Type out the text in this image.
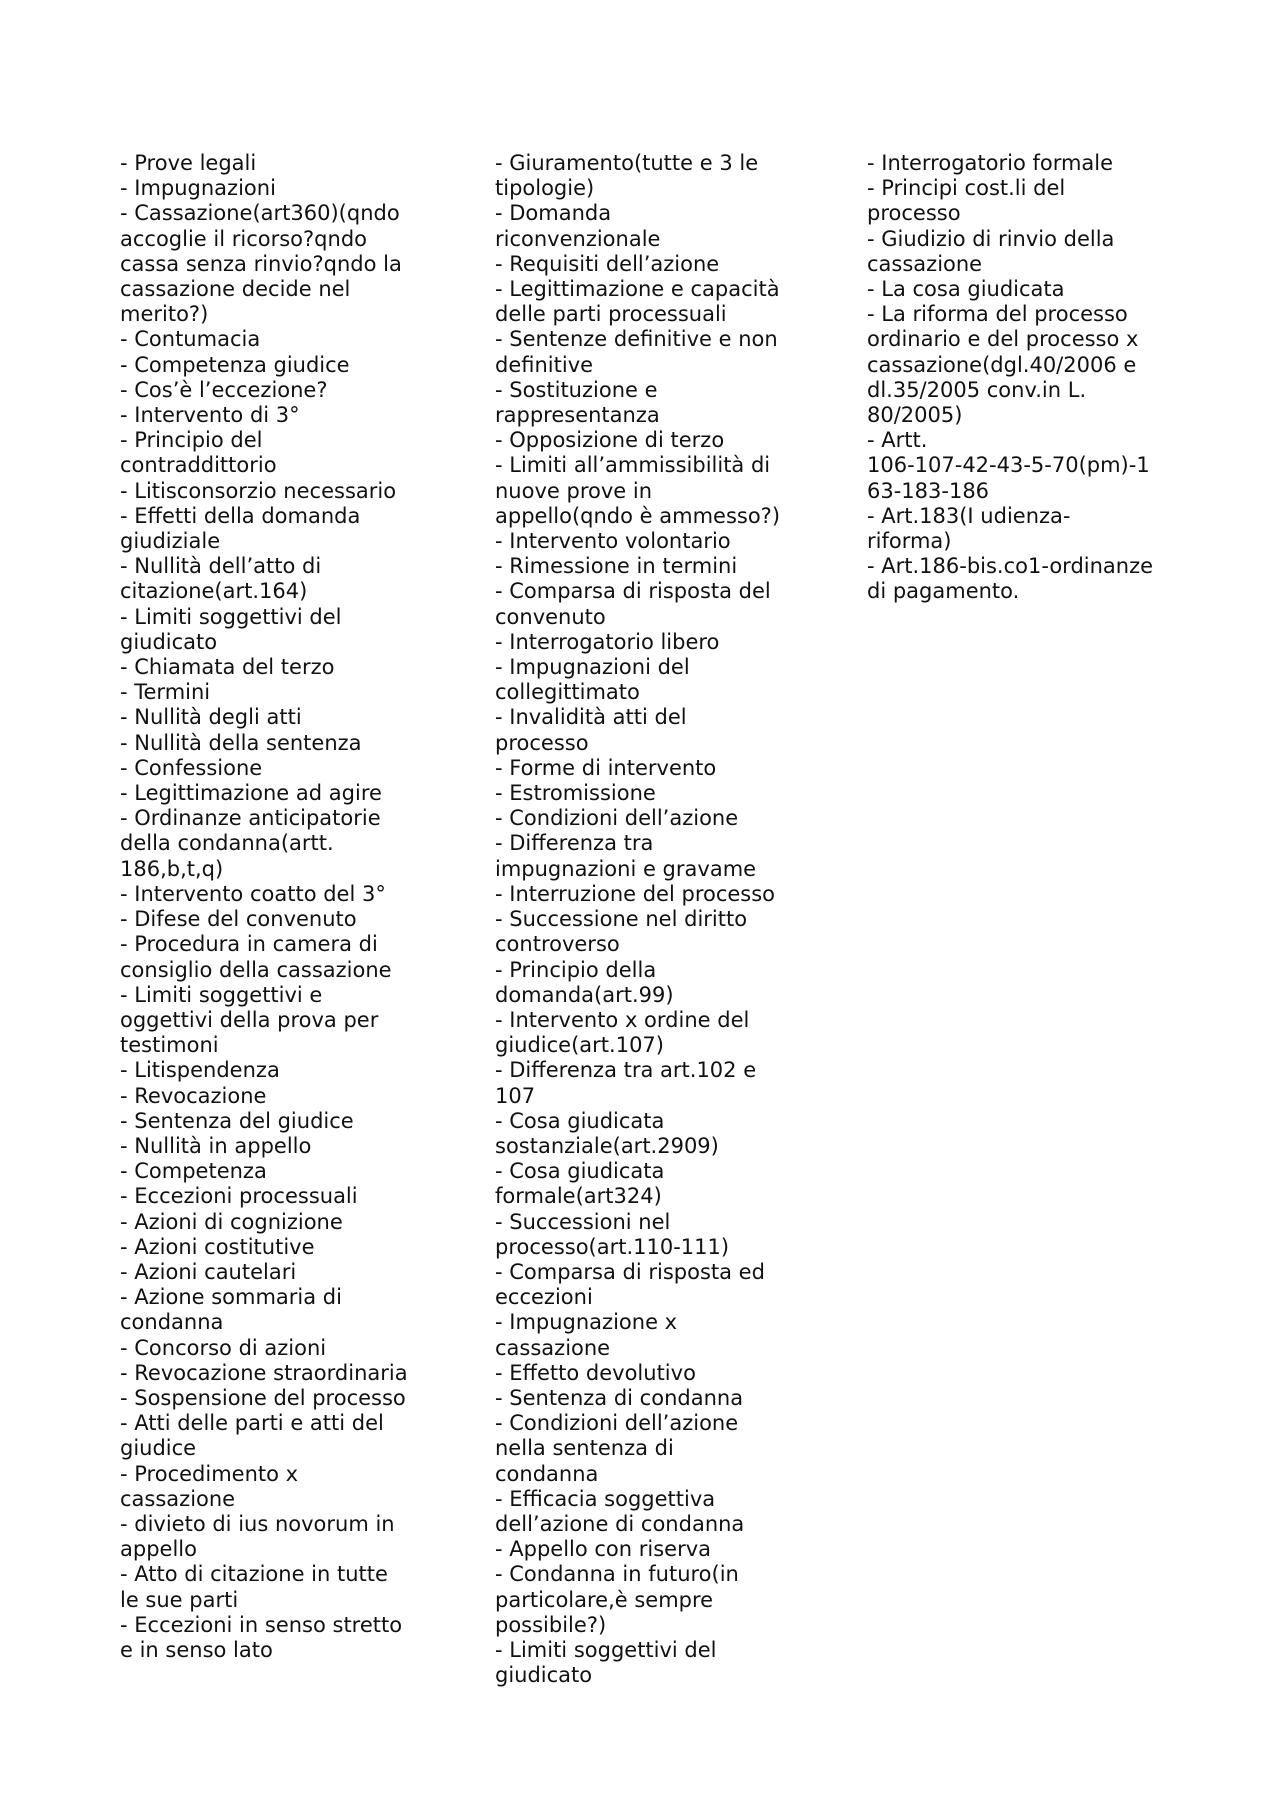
- Prove legali
- Impugnazioni
- Cassazione(art360)(qndo
accoglie il ricorso?qndo
cassa senza rinvio?qndo la
cassazione decide nel
merito?)
- Contumacia
- Competenza giudice
- Cos’è l’eccezione?
- Intervento di 3°
- Principio del
contraddittorio
- Litisconsorzio necessario
- Effetti della domanda
giudiziale
- Nullità dell’atto di
citazione(art.164)
- Limiti soggettivi del
giudicato
- Chiamata del terzo
- Termini
- Nullità degli atti
- Nullità della sentenza
- Confessione
- Legittimazione ad agire
- Ordinanze anticipatorie
della condanna(artt.
186,b,t,q)
- Intervento coatto del 3°
- Difese del convenuto
- Procedura in camera di
consiglio della cassazione
- Limiti soggettivi e
oggettivi della prova per
testimoni
- Litispendenza
- Revocazione
- Sentenza del giudice
- Nullità in appello
- Competenza
- Eccezioni processuali
- Azioni di cognizione
- Azioni costitutive
- Azioni cautelari
- Azione sommaria di
condanna
- Concorso di azioni
- Revocazione straordinaria
- Sospensione del processo
- Atti delle parti e atti del
giudice
- Procedimento x
cassazione
- divieto di ius novorum in
appello
- Atto di citazione in tutte
le sue parti
- Eccezioni in senso stretto
e in senso lato
- Giuramento(tutte e 3 le
tipologie)
- Domanda
riconvenzionale
- Requisiti dell’azione
- Legittimazione e capacità
delle parti processuali
- Sentenze definitive e non
definitive
- Sostituzione e
rappresentanza
- Opposizione di terzo
- Limiti all’ammissibilità di
nuove prove in
appello(qndo è ammesso?)
- Intervento volontario
- Rimessione in termini
- Comparsa di risposta del
convenuto
- Interrogatorio libero
- Impugnazioni del
collegittimato
- Invalidità atti del
processo
- Forme di intervento
- Estromissione
- Condizioni dell’azione
- Differenza tra
impugnazioni e gravame
- Interruzione del processo
- Successione nel diritto
controverso
- Principio della
domanda(art.99)
- Intervento x ordine del
giudice(art.107)
- Differenza tra art.102 e
107
- Cosa giudicata
sostanziale(art.2909)
- Cosa giudicata
formale(art324)
- Successioni nel
processo(art.110-111)
- Comparsa di risposta ed
eccezioni
- Impugnazione x
cassazione
- Effetto devolutivo
- Sentenza di condanna
- Condizioni dell’azione
nella sentenza di
condanna
- Efficacia soggettiva
dell’azione di condanna
- Appello con riserva
- Condanna in futuro(in
particolare,è sempre
possibile?)
- Limiti soggettivi del
giudicato
- Interrogatorio formale
- Principi cost.li del
processo
- Giudizio di rinvio della
cassazione
- La cosa giudicata
- La riforma del processo
ordinario e del processo x
cassazione(dgl.40/2006 e
dl.35/2005 conv.in L.
80/2005)
- Artt.
106-107-42-43-5-70(pm)-1
63-183-186
- Art.183(I udienza-
riforma)
- Art.186-bis.co1-ordinanze
di pagamento.
